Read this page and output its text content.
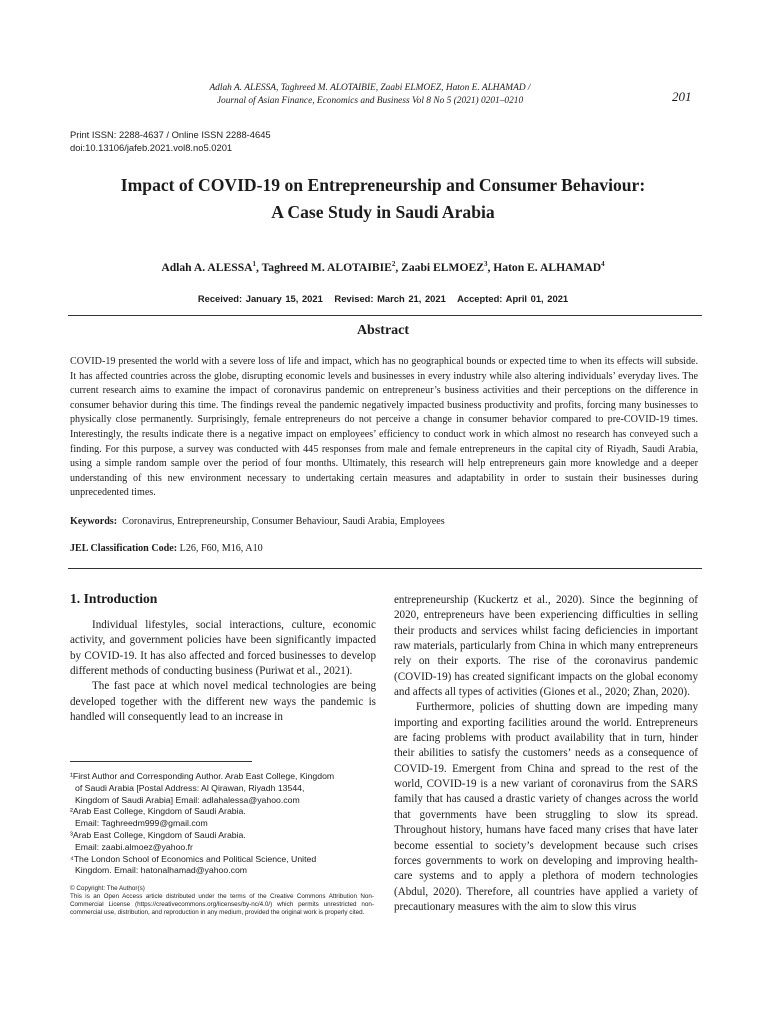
Adlah A. ALESSA, Taghreed M. ALOTAIBIE, Zaabi ELMOEZ, Haton E. ALHAMAD /
Journal of Asian Finance, Economics and Business Vol 8 No 5 (2021) 0201–0210	201
Print ISSN: 2288-4637 / Online ISSN 2288-4645
doi:10.13106/jafeb.2021.vol8.no5.0201
Impact of COVID-19 on Entrepreneurship and Consumer Behaviour:
A Case Study in Saudi Arabia
Adlah A. ALESSA$^1$, Taghreed M. ALOTAIBIE$^2$, Zaabi ELMOEZ$^3$, Haton E. ALHAMAD$^4$
Received: January 15, 2021 Revised: March 21, 2021 Accepted: April 01, 2021
Abstract
COVID-19 presented the world with a severe loss of life and impact, which has no geographical bounds or expected time to when its effects will subside. It has affected countries across the globe, disrupting economic levels and businesses in every industry while also altering individuals’ everyday lives. The current research aims to examine the impact of coronavirus pandemic on entrepreneur’s business activities and their perceptions on the difference in consumer behavior during this time. The findings reveal the pandemic negatively impacted business productivity and profits, forcing many businesses to physically close permanently. Surprisingly, female entrepreneurs do not perceive a change in consumer behavior compared to pre-COVID-19 times. Interestingly, the results indicate there is a negative impact on employees’ efficiency to conduct work in which almost no research has conveyed such a finding. For this purpose, a survey was conducted with 445 responses from male and female entrepreneurs in the capital city of Riyadh, Saudi Arabia, using a simple random sample over the period of four months. Ultimately, this research will help entrepreneurs gain more knowledge and a deeper understanding of this new environment necessary to undertaking certain measures and adaptability in order to sustain their businesses during unprecedented times.
Keywords: Coronavirus, Entrepreneurship, Consumer Behaviour, Saudi Arabia, Employees
JEL Classification Code: L26, F60, M16, A10
1. Introduction

Individual lifestyles, social interactions, culture, economic activity, and government policies have been significantly impacted by COVID-19. It has also affected and forced businesses to develop different methods of conducting business (Puriwat et al., 2021).

The fast pace at which novel medical technologies are being developed together with the different new ways the pandemic is handled will consequently lead to an increase in

¹First Author and Corresponding Author. Arab East College, Kingdom
of Saudi Arabia [Postal Address: Al Qirawan, Riyadh 13544,
Kingdom of Saudi Arabia] Email: adlahalessa@yahoo.com
²Arab East College, Kingdom of Saudi Arabia.
Email: Taghreedm999@gmail.com
³Arab East College, Kingdom of Saudi Arabia.
Email: zaabi.almoez@yahoo.fr
⁴The London School of Economics and Political Science, United
Kingdom. Email: hatonalhamad@yahoo.com
© Copyright: The Author(s)
This is an Open Access article distributed under the terms of the Creative Commons Attribution Non-Commercial License (https://creativecommons.org/licenses/by-nc/4.0/) which permits unrestricted non-commercial use, distribution, and reproduction in any medium, provided the original work is properly cited.

entrepreneurship (Kuckertz et al., 2020). Since the beginning of 2020, entrepreneurs have been experiencing difficulties in selling their products and services whilst facing deficiencies in important raw materials, particularly from China in which many entrepreneurs rely on their exports. The rise of the coronavirus pandemic (COVID-19) has created significant impacts on the global economy and affects all types of activities (Giones et al., 2020; Zhan, 2020).

Furthermore, policies of shutting down are impeding many importing and exporting facilities around the world. Entrepreneurs are facing problems with product availability that in turn, hinder their abilities to satisfy the customers’ needs as a consequence of COVID-19. Emergent from China and spread to the rest of the world, COVID-19 is a new variant of coronavirus from the SARS family that has caused a drastic variety of changes across the world that governments have been struggling to slow its spread. Throughout history, humans have faced many crises that have later become essential to society’s development because such crises forces governments to work on developing and improving health-care systems and to apply a plethora of modern technologies (Abdul, 2020). Therefore, all countries have applied a variety of precautionary measures with the aim to slow this virus
